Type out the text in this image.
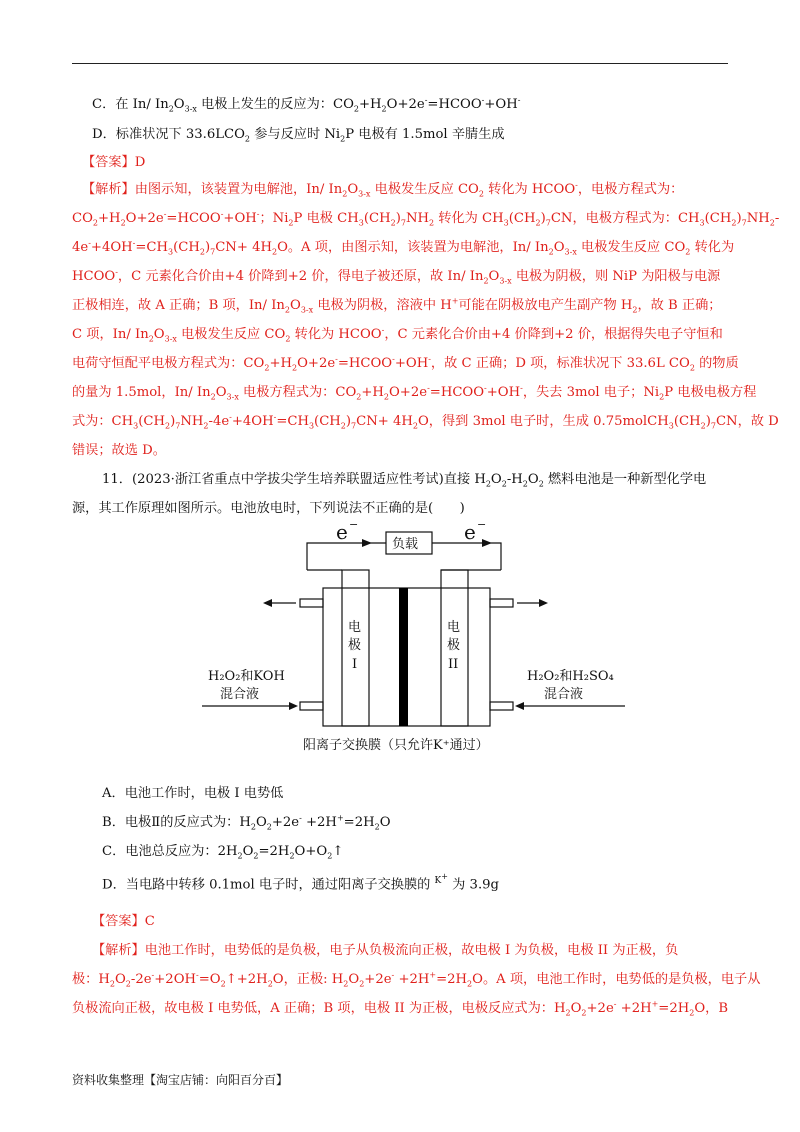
C．在 In/ $In_2O_{3-x}$ 电极上发生的反应为：$CO_2+H_2O+2e^-=HCOO^-+OH^-$
D．标准状况下 $33.6LCO_2$ 参与反应时 $Ni_2P$ 电极有 1.5mol 辛腈生成
【答案】D
【解析】由图示知，该装置为电解池，In/ $In_2O_{3-x}$ 电极发生反应 $CO_2$ 转化为 HCOO-，电极方程式为：
$CO_2+H_2O+2e^-=HCOO^-+OH^-$；$Ni_2P$ 电极 $CH_3(CH_2)_7NH_2$ 转化为 $CH_3(CH_2)_7CN$，电极方程式为：$CH_3(CH_2)_7NH_2-$
$4e^-+4OH^-=CH_3(CH_2)_7CN+ 4H_2O$。A 项，由图示知，该装置为电解池，In/ $In_2O_{3-x}$ 电极发生反应 $CO_2$ 转化为
HCOO-，C 元素化合价由+4 价降到+2 价，得电子被还原，故 In/ $In_2O_{3-x}$ 电极为阴极，则 NiP 为阳极与电源
正极相连，故 A 正确；B 项，In/ $In_2O_{3-x}$ 电极为阴极，溶液中 H+可能在阴极放电产生副产物 $H_2$，故 B 正确；
C 项，In/ $In_2O_{3-x}$ 电极发生反应 $CO_2$ 转化为 HCOO-，C 元素化合价由+4 价降到+2 价，根据得失电子守恒和
电荷守恒配平电极方程式为：$CO_2+H_2O+2e^-=HCOO^-+OH^-$，故 C 正确；D 项，标准状况下 33.6L $CO_2$ 的物质
的量为 1.5mol，In/ $In_2O_{3-x}$ 电极方程式为：$CO_2+H_2O+2e^-=HCOO^-+OH^-$，失去 3mol 电子；$Ni_2P$ 电极电极方程
式为：$CH_3(CH_2)_7NH_2-4e^-+4OH^-=CH_3(CH_2)_7CN+ 4H_2O$，得到 3mol 电子时，生成 $0.75molCH_3(CH_2)_7CN$，故 D
错误；故选 D。
11．(2023·浙江省重点中学拔尖学生培养联盟适应性考试)直接 $H_2O_2-H_2O_2$ 燃料电池是一种新型化学电
源，其工作原理如图所示。电池放电时，下列说法不正确的是(　　)
A．电池工作时，电极 I 电势低
B．电极Ⅱ的反应式为：$H_2O_2+2e^- +2H^+=2H_2O$
C．电池总反应为：$2H_2O_2=2H_2O+O_2↑$
D．当电路中转移 0.1mol 电子时，通过阳离子交换膜的 $^{K^+}$ 为 3.9g
【答案】C
【解析】电池工作时，电势低的是负极，电子从负极流向正极，故电极 I 为负极，电极 II 为正极，负
极：$H_2O_2-2e^-+2OH^-=O_2↑+2H_2O$，正极: $H_2O_2+2e^- +2H^+=2H_2O$。A 项，电池工作时，电势低的是负极，电子从
负极流向正极，故电极 I 电势低，A 正确；B 项，电极 II 为正极，电极反应式为：$H_2O_2+2e^- +2H^+=2H_2O$，B
e −	e −
负载
电
极
I
电
极
II
H₂O₂和KOH
混合液
H₂O₂和H₂SO₄
混合液
阳离子交换膜（只允许K⁺通过）
资料收集整理【淘宝店铺：向阳百分百】
